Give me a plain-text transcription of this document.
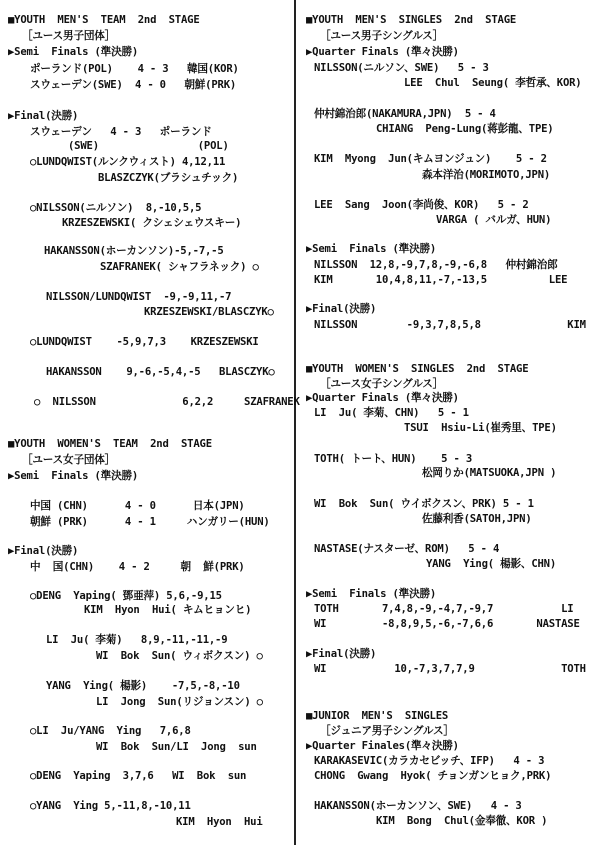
■YOUTH  MEN'S  TEAM  2nd  STAGE
［ユース男子団体］
▶Semi  Finals (準決勝)
ポーランド(POL)    4 - 3   韓国(KOR)
スウェーデン(SWE)  4 - 0   朝鮮(PRK)
▶Final(決勝)
スウェーデン   4 - 3   ポーランド
(SWE)                (POL)
○LUNDQWIST(ルンクウィスト) 4,12,11
BLASZCZYK(ブラシュチック)
○NILSSON(ニルソン)  8,-10,5,5
KRZESZEWSKI( クシェシェウスキー)
HAKANSSON(ホーカンソン)-5,-7,-5
SZAFRANEK( シャフラネック) ○
NILSSON/LUNDQWIST  -9,-9,11,-7
KRZESZEWSKI/BLASCZYK○
○LUNDQWIST    -5,9,7,3    KRZESZEWSKI
HAKANSSON    9,-6,-5,4,-5   BLASCZYK○
○  NILSSON              6,2,2     SZAFRANEK
■YOUTH  WOMEN'S  TEAM  2nd  STAGE
［ユース女子団体］
▶Semi  Finals (準決勝)
中国 (CHN)      4 - 0      日本(JPN)
朝鮮 (PRK)      4 - 1     ハンガリー(HUN)
▶Final(決勝)
中  国(CHN)    4 - 2     朝  鮮(PRK)
○DENG  Yaping( 鄧亜萍) 5,6,-9,15
KIM  Hyon  Hui( キムヒョンヒ)
LI  Ju( 李菊)   8,9,-11,-11,-9
WI  Bok  Sun( ウィボクスン) ○
YANG  Ying( 楊影)    -7,5,-8,-10
LI  Jong  Sun(リジョンスン) ○
○LI  Ju/YANG  Ying   7,6,8
WI  Bok  Sun/LI  Jong  sun
○DENG  Yaping  3,7,6   WI  Bok  sun
○YANG  Ying 5,-11,8,-10,11
KIM  Hyon  Hui
■YOUTH  MEN'S  SINGLES  2nd  STAGE
［ユース男子シングルス］
▶Quarter Finals (準々決勝)
NILSSON(ニルソン、SWE)   5 - 3
LEE  Chul  Seung( 李哲承、KOR)
仲村錦治郎(NAKAMURA,JPN)  5 - 4
CHIANG  Peng-Lung(蒋彭龍、TPE)
KIM  Myong  Jun(キムヨンジュン)    5 - 2
森本洋治(MORIMOTO,JPN)
LEE  Sang  Joon(李尚俊、KOR)   5 - 2
VARGA ( バルガ、HUN)
▶Semi  Finals (準決勝)
NILSSON  12,8,-9,7,8,-9,-6,8   仲村錦治郎
KIM       10,4,8,11,-7,-13,5          LEE
▶Final(決勝)
NILSSON        -9,3,7,8,5,8              KIM
■YOUTH  WOMEN'S  SINGLES  2nd  STAGE
［ユース女子シングルス］
▶Quarter Finals (準々決勝)
LI  Ju( 李菊、CHN)   5 - 1
TSUI  Hsiu-Li(崔秀里、TPE)
TOTH( トート、HUN)    5 - 3
松岡りか(MATSUOKA,JPN )
WI  Bok  Sun( ウイボクスン、PRK) 5 - 1
佐藤利香(SATOH,JPN)
NASTASE(ナスターゼ、ROM)   5 - 4
YANG  Ying( 楊影、CHN)
▶Semi  Finals (準決勝)
TOTH       7,4,8,-9,-4,7,-9,7           LI
WI         -8,8,9,5,-6,-7,6,6       NASTASE
▶Final(決勝)
WI           10,-7,3,7,7,9              TOTH
■JUNIOR  MEN'S  SINGLES
［ジュニア男子シングルス］
▶Quarter Finales(準々決勝)
KARAKASEVIC(カラカセビッチ、IFP)   4 - 3
CHONG  Gwang  Hyok( チョンガンヒョク,PRK)
HAKANSSON(ホーカンソン、SWE)   4 - 3
KIM  Bong  Chul(金奉徹、KOR )
